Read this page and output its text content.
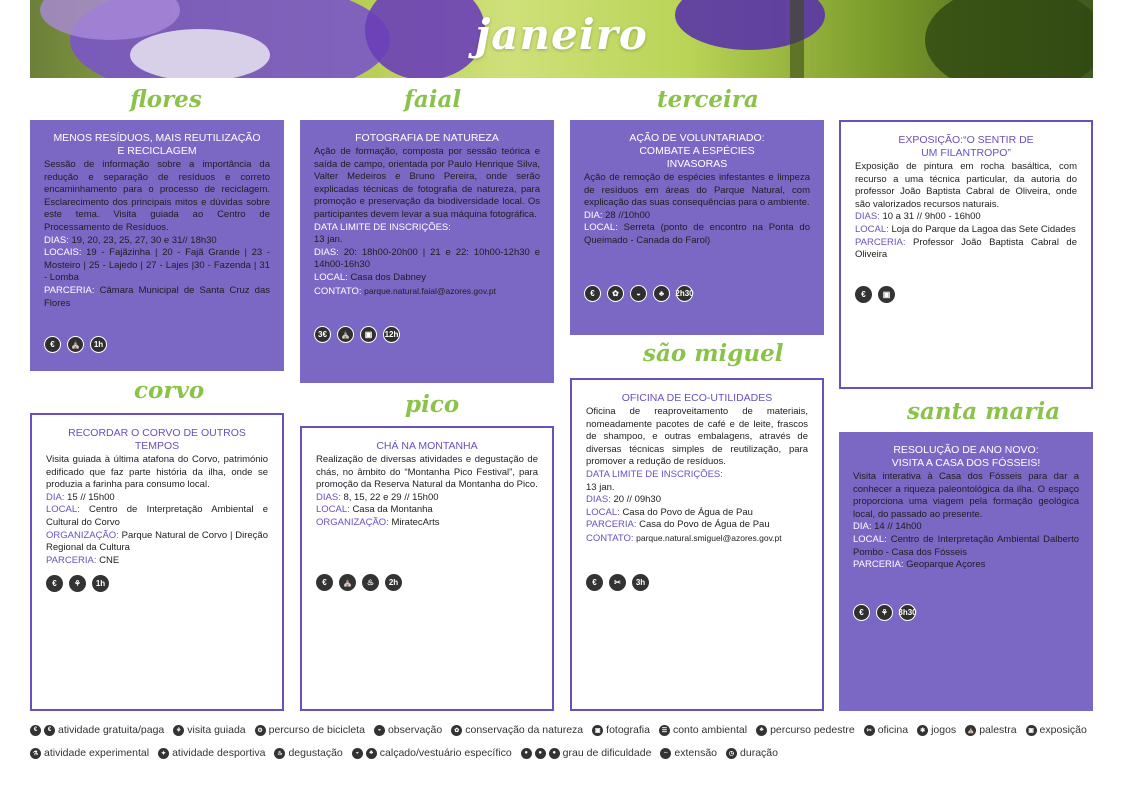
janeiro
flores	faial	terceira
corvo
pico
são miguel
santa maria
MENOS RESÍDUOS, MAIS REUTILIZAÇÃO
E RECICLAGEM

Sessão de informação sobre a importância da redução e separação de resíduos e correto encaminhamento para o processo de reciclagem. Esclarecimento dos principais mitos e dúvidas sobre este tema. Visita guiada ao Centro de Processamento de Resíduos.

DIAS: 19, 20, 23, 25, 27, 30 e 31// 18h30

LOCAIS: 19 - Fajãzinha | 20 - Fajã Grande | 23 - Mosteiro | 25 - Lajedo | 27 - Lajes |30 - Fazenda | 31 - Lomba

PARCERIA: Câmara Municipal de Santa Cruz das Flores

€	⛪	1h
FOTOGRAFIA DE NATUREZA

Ação de formação, composta por sessão teórica e saída de campo, orientada por Paulo Henrique Silva, Valter Medeiros e Bruno Pereira, onde serão explicadas técnicas de fotografia de natureza, para promoção e preservação da biodiversidade local. Os participantes devem levar a sua máquina fotográfica.

DATA LIMITE DE INSCRIÇÕES:
13 jan.

DIAS: 20: 18h00-20h00 | 21 e 22: 10h00-12h30 e 14h00-16h30

LOCAL: Casa dos Dabney

CONTATO: parque.natural.faial@azores.gov.pt

3€	⛪	▣	12h
AÇÃO DE VOLUNTARIADO:
COMBATE A ESPÉCIES
INVASORAS

Ação de remoção de espécies infestantes e limpeza de resíduos em áreas do Parque Natural, com explicação das suas consequências para o ambiente.

DIA: 28 //10h00

LOCAL: Serreta (ponto de encontro na Ponta do Queimado - Canada do Farol)

€	✿	◒	♣	2h30
EXPOSIÇÃO:“O SENTIR DE
UM FILANTROPO”

Exposição de pintura em rocha basáltica, com recurso a uma técnica particular, da autoria do professor João Baptista Cabral de Oliveira, onde são valorizados recursos naturais.

DIAS: 10 a 31 // 9h00 - 16h00

LOCAL: Loja do Parque da Lagoa das Sete Cidades

PARCERIA: Professor João Baptista Cabral de Oliveira

€	▣
RECORDAR O CORVO DE OUTROS TEMPOS

Visita guiada à última atafona do Corvo, património edificado que faz parte história da ilha, onde se produzia a farinha para consumo local.

DIA: 15 // 15h00

LOCAL: Centro de Interpretação Ambiental e Cultural do Corvo

ORGANIZAÇÃO: Parque Natural de Corvo | Direção Regional da Cultura

PARCERIA: CNE

€	⚘	1h
CHÁ NA MONTANHA

Realização de diversas atividades e degustação de chás, no âmbito do “Montanha Pico Festival”, para promoção da Reserva Natural da Montanha do Pico.

DIAS: 8, 15, 22 e 29 // 15h00

LOCAL: Casa da Montanha

ORGANIZAÇÃO: MiratecArts

€	⛪	♨	2h
OFICINA DE ECO-UTILIDADES

Oficina de reaproveitamento de materiais, nomeadamente pacotes de café e de leite, frascos de shampoo, e outras embalagens, através de diversas técnicas simples de reutilização, para promover a redução de resíduos.

DATA LIMITE DE INSCRIÇÕES:
13 jan.

DIAS: 20 // 09h30

LOCAL: Casa do Povo de Água de Pau

PARCERIA: Casa do Povo de Água de Pau

CONTATO: parque.natural.smiguel@azores.gov.pt

€	✂	3h
RESOLUÇÃO DE ANO NOVO:
VISITA A CASA DOS FÓSSEIS!

Visita interativa à Casa dos Fósseis para dar a conhecer a riqueza paleontológica da ilha. O espaço proporciona uma viagem pela formação geológica local, do passado ao presente.

DIA: 14 // 14h00

LOCAL: Centro de Interpretação Ambiental Dalberto Pombo - Casa dos Fósseis

PARCERIA: Geoparque Açores

€	⚘	3h30
€	€ atividade gratuita/paga	⚘ visita guiada	⚙ percurso de bicicleta	◒ observação	✿ conservação da natureza	▣ fotografia	☰ conto ambiental	♣ percurso pedestre	✂ oficina	✱ jogos ⛪ palestra	▣ exposição
⚗ atividade experimental	✦ atividade desportiva	♨ degustação	◒	♣ calçado/vestuário específico	●	●	● grau de dificuldade	⇔ extensão	◷ duração
